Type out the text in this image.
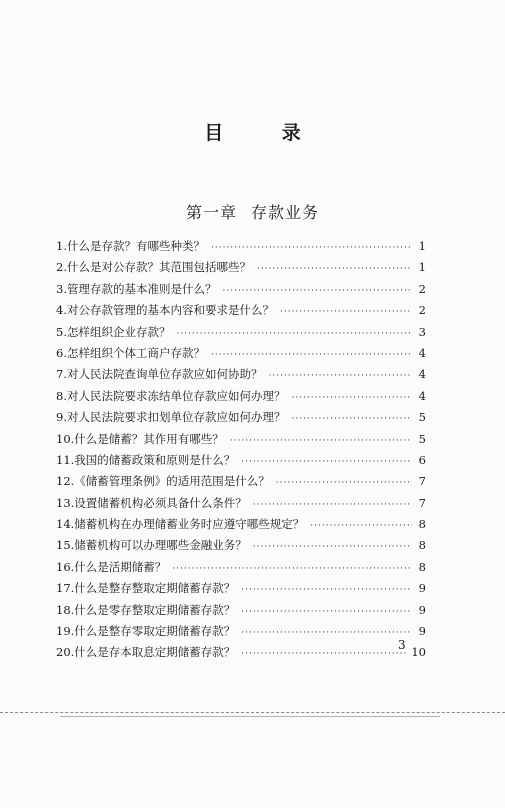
目 录
第一章 存款业务
1. 什么是存款？有哪些种类？ ·····	1
2. 什么是对公存款？其范围包括哪些？ ·····	1
3. 管理存款的基本准则是什么？ ·····	2
4. 对公存款管理的基本内容和要求是什么？ ·····	2
5. 怎样组织企业存款？ ·····	3
6. 怎样组织个体工商户存款？ ·····	4
7. 对人民法院查询单位存款应如何协助？ ·····	4
8. 对人民法院要求冻结单位存款应如何办理？ ·····	4
9. 对人民法院要求扣划单位存款应如何办理？ ·····	5
10. 什么是储蓄？其作用有哪些？ ·····	5
11. 我国的储蓄政策和原则是什么？ ·····	6
12. 《储蓄管理条例》的适用范围是什么？ ·····	7
13. 设置储蓄机构必须具备什么条件？ ·····	7
14. 储蓄机构在办理储蓄业务时应遵守哪些规定？ ·····	8
15. 储蓄机构可以办理哪些金融业务？ ·····	8
16. 什么是活期储蓄？ ·····	8
17. 什么是整存整取定期储蓄存款？ ·····	9
18. 什么是零存整取定期储蓄存款？ ·····	9
19. 什么是整存零取定期储蓄存款？ ·····	9
20. 什么是存本取息定期储蓄存款？ ·····	10
3
